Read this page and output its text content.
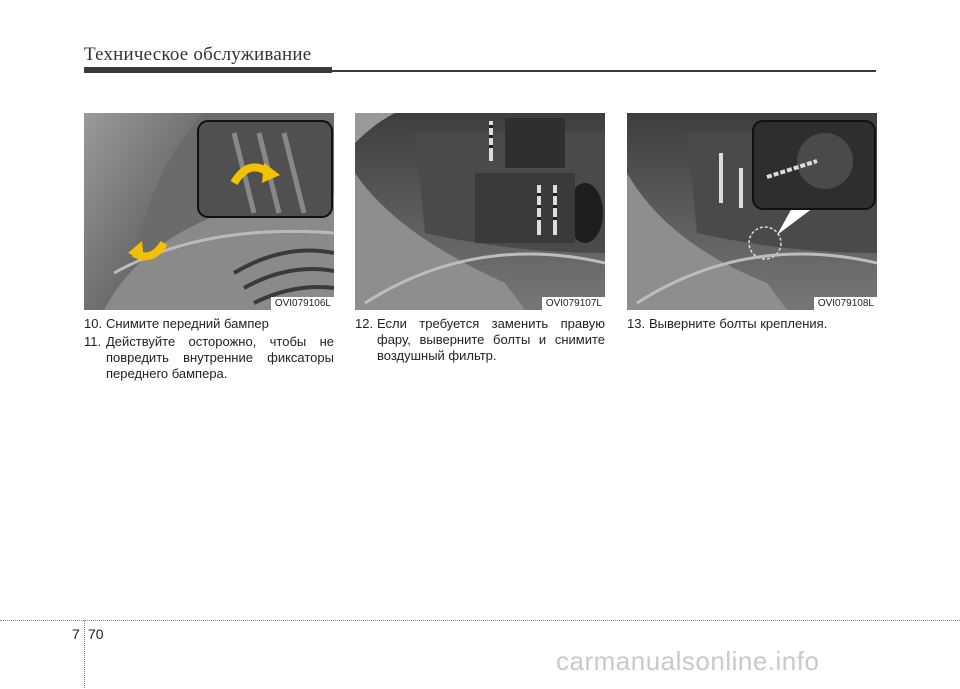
Техническое обслуживание
OVI079106L	OVI079107L	OVI079108L
10. Снимите передний бампер
11. Действуйте осторожно, чтобы не повредить внутренние фиксаторы переднего бампера.
12. Если требуется заменить правую фару, выверните болты и снимите воздушный фильтр.
13. Выверните болты крепления.
7 70
carmanualsonline.info
